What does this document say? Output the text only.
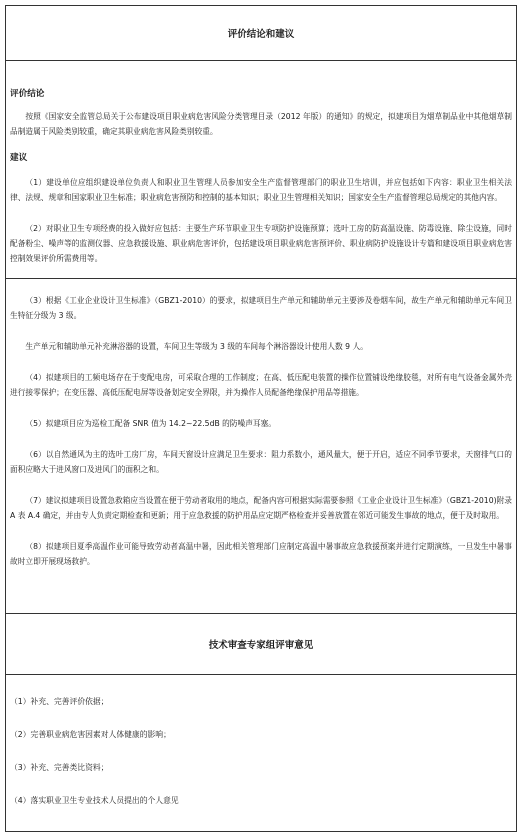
评价结论和建议
评价结论

按照《国家安全监管总局关于公布建设项目职业病危害风险分类管理目录（2012 年版）的通知》的规定，拟建项目为烟草制品业中其他烟草制品制造属于风险类别较重，确定其职业病危害风险类别较重。

建议

（1）建设单位应组织建设单位负责人和职业卫生管理人员参加安全生产监督管理部门的职业卫生培训，并应包括如下内容：职业卫生相关法律、法规、规章和国家职业卫生标准；职业病危害预防和控制的基本知识；职业卫生管理相关知识；国家安全生产监督管理总局规定的其他内容。

（2）对职业卫生专项经费的投入做好应包括：主要生产环节职业卫生专项防护设施预算；选叶工房的防高温设施、防毒设施、除尘设施，同时配备粉尘、噪声等的监测仪器、应急救援设施、职业病危害评价，包括建设项目职业病危害预评价、职业病防护设施设计专篇和建设项目职业病危害控制效果评价所需费用等。

（3）根据《工业企业设计卫生标准》（GBZ1-2010）的要求，拟建项目生产单元和辅助单元主要涉及卷烟车间，故生产单元和辅助单元车间卫生特征分级为 3 级。

生产单元和辅助单元补充淋浴器的设置，车间卫生等级为 3 级的车间每个淋浴器设计使用人数 9 人。

（4）拟建项目的工频电场存在于变配电房，可采取合理的工作制度；在高、低压配电装置的操作位置铺设绝缘胶毯，对所有电气设备金属外壳进行接零保护；在变压器、高低压配电屏等设备划定安全界限，并为操作人员配备绝缘保护用品等措施。

（5）拟建项目应为巡检工配备 SNR 值为 14.2~22.5dB 的防噪声耳塞。

（6）以自然通风为主的选叶工房厂房，车间天窗设计应满足卫生要求：阻力系数小，通风量大，便于开启，适应不同季节要求，天窗排气口的面积应略大于进风窗口及进风门的面积之和。

（7）建议拟建项目设置急救箱应当设置在便于劳动者取用的地点，配备内容可根据实际需要参照《工业企业设计卫生标准》（GBZ1-2010)附录A 表 A.4 确定，并由专人负责定期检查和更新；用于应急救援的防护用品应定期严格检查并妥善放置在邻近可能发生事故的地点，便于及时取用。

（8）拟建项目夏季高温作业可能导致劳动者高温中暑，因此相关管理部门应制定高温中暑事故应急救援预案并进行定期演练，一旦发生中暑事故时立即开展现场救护。

技术审查专家组评审意见
（1）补充、完善评价依据；
（2）完善职业病危害因素对人体健康的影响；
（3）补充、完善类比资料；
（4）落实职业卫生专业技术人员提出的个人意见
